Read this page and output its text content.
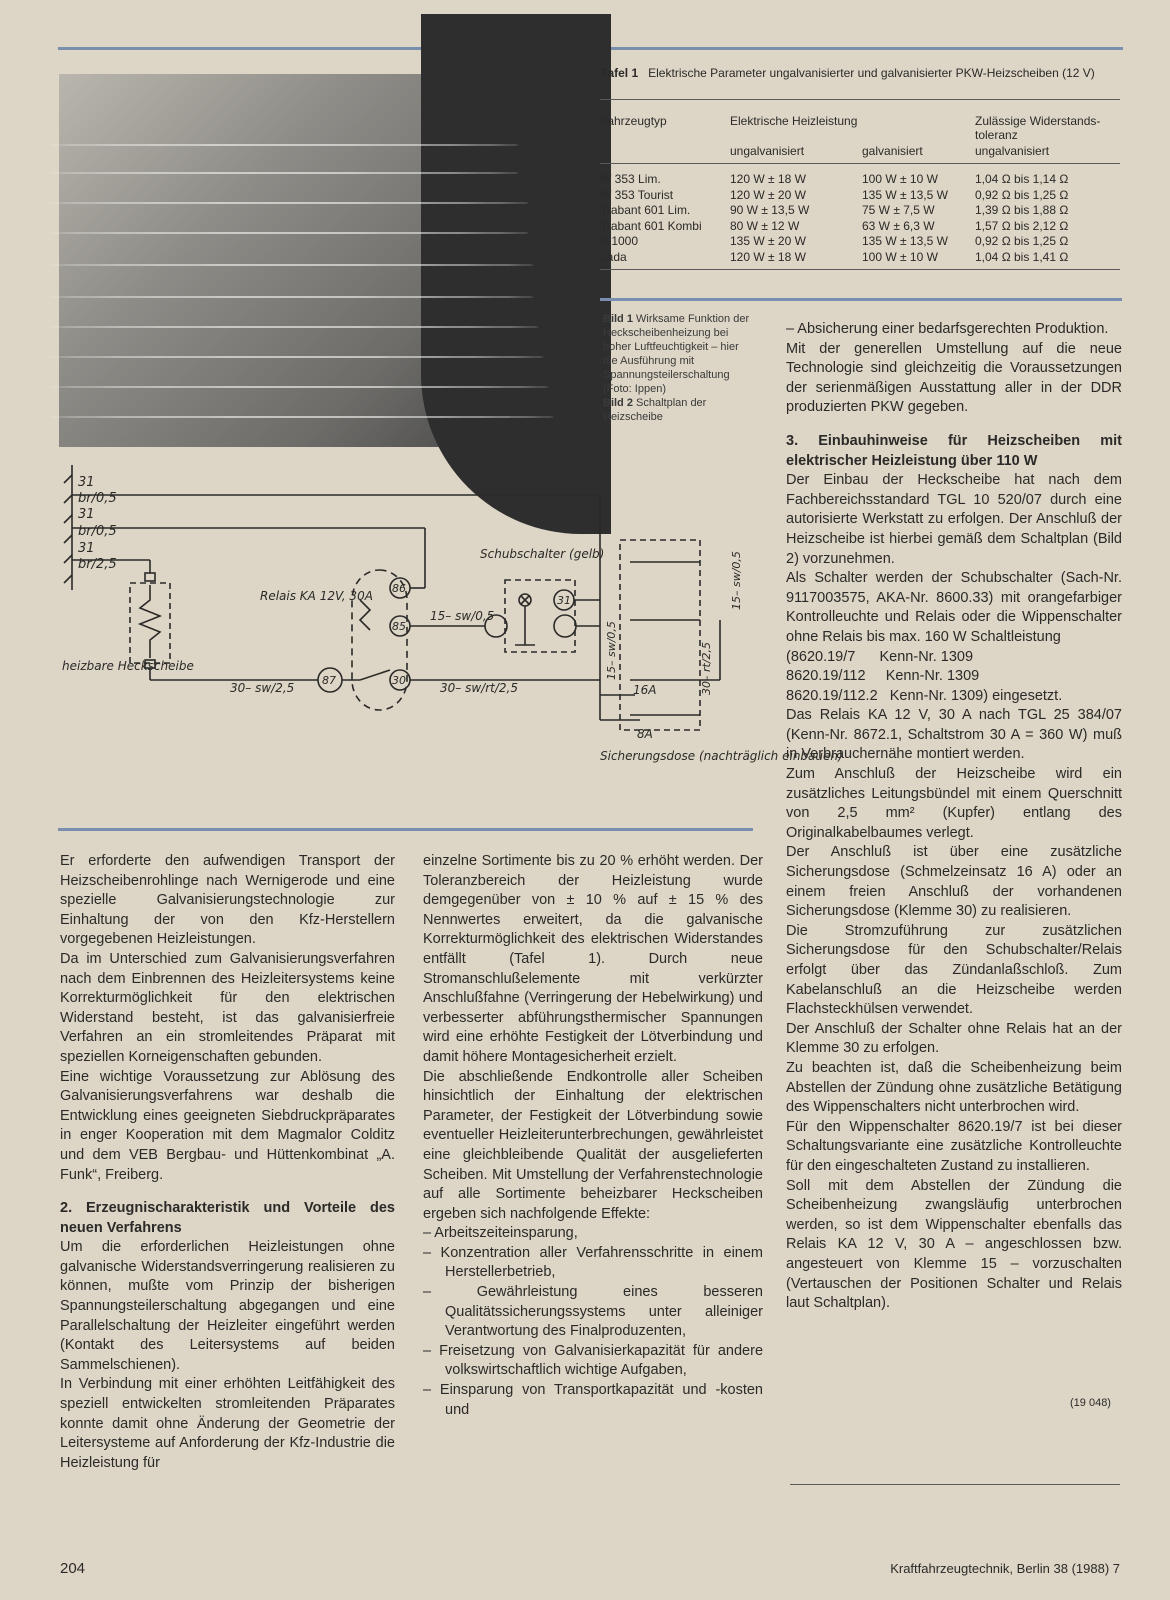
Tafel 1 Elektrische Parameter ungalvanisierter und galvanisierter PKW-Heizscheiben (12 V)
Fahrzeugtyp	Elektrische Heizleistung	Zulässige Widerstands-toleranz
ungalvanisiert	galvanisiert	ungalvanisiert
W 353 Lim.	120 W ± 18 W	100 W ± 10 W	1,04 Ω bis 1,14 Ω
W 353 Tourist	120 W ± 20 W	135 W ± 13,5 W 0,92 Ω bis 1,25 Ω
Trabant 601 Lim.	90 W ± 13,5 W	75 W ± 7,5 W	1,39 Ω bis 1,88 Ω
Trabant 601 Kombi 80 W ± 12 W	63 W ± 6,3 W	1,57 Ω bis 2,12 Ω
B 1000	135 W ± 20 W	135 W ± 13,5 W 0,92 Ω bis 1,25 Ω
Lada	120 W ± 18 W	100 W ± 10 W	1,04 Ω bis 1,41 Ω
Bild 1 Wirksame Funktion der Heckscheibenheizung bei hoher Luftfeuchtigkeit – hier die Ausführung mit Spannungsteilerschaltung (Foto: Ippen)
Bild 2 Schaltplan der Heizscheibe
31
br/0,5
31
br/0,5
31
br/2,5
heizbare Heckscheibe
Relais KA 12V, 30A
Schubschalter (gelb)
86
85
87	30
31
15– sw/0,5
30– sw/2,5	30– sw/rt/2,5
15– sw/0,5
15– sw/0,5	30– rt/2,5
16A
8A
Sicherungsdose (nachträglich einbauen)
– Absicherung einer bedarfsgerechten Produktion.

Mit der generellen Umstellung auf die neue Technologie sind gleichzeitig die Voraussetzungen der serienmäßigen Ausstattung aller in der DDR produzierten PKW gegeben.

3. Einbauhinweise für Heizscheiben mit elektrischer Heizleistung über 110 W

Der Einbau der Heckscheibe hat nach dem Fachbereichsstandard TGL 10 520/07 durch eine autorisierte Werkstatt zu erfolgen. Der Anschluß der Heizscheibe ist hierbei gemäß dem Schaltplan (Bild 2) vorzunehmen.

Als Schalter werden der Schubschalter (Sach-Nr. 9117003575, AKA-Nr. 8600.33) mit orangefarbiger Kontrolleuchte und Relais oder die Wippenschalter ohne Relais bis max. 160 W Schaltleistung

(8620.19/7      Kenn-Nr. 1309

8620.19/112     Kenn-Nr. 1309

8620.19/112.2   Kenn-Nr. 1309) eingesetzt.

Das Relais KA 12 V, 30 A nach TGL 25 384/07 (Kenn-Nr. 8672.1, Schaltstrom 30 A = 360 W) muß in Verbrauchernähe montiert werden.

Zum Anschluß der Heizscheibe wird ein zusätzliches Leitungsbündel mit einem Querschnitt von 2,5 mm² (Kupfer) entlang des Originalkabelbaumes verlegt.

Der Anschluß ist über eine zusätzliche Sicherungsdose (Schmelzeinsatz 16 A) oder an einem freien Anschluß der vorhandenen Sicherungsdose (Klemme 30) zu realisieren.

Die Stromzuführung zur zusätzlichen Sicherungsdose für den Schubschalter/Relais erfolgt über das Zündanlaßschloß. Zum Kabelanschluß an die Heizscheibe werden Flachsteckhülsen verwendet.

Der Anschluß der Schalter ohne Relais hat an der Klemme 30 zu erfolgen.

Zu beachten ist, daß die Scheibenheizung beim Abstellen der Zündung ohne zusätzliche Betätigung des Wippenschalters nicht unterbrochen wird.

Für den Wippenschalter 8620.19/7 ist bei dieser Schaltungsvariante eine zusätzliche Kontrolleuchte für den eingeschalteten Zustand zu installieren.

Soll mit dem Abstellen der Zündung die Scheibenheizung zwangsläufig unterbrochen werden, so ist dem Wippenschalter ebenfalls das Relais KA 12 V, 30 A – angeschlossen bzw. angesteuert von Klemme 15 – vorzuschalten (Vertauschen der Positionen Schalter und Relais laut Schaltplan).

(19 048)

Er erforderte den aufwendigen Transport der Heizscheibenrohlinge nach Wernigerode und eine spezielle Galvanisierungstechnologie zur Einhaltung der von den Kfz-Herstellern vorgegebenen Heizleistungen.

Da im Unterschied zum Galvanisierungsverfahren nach dem Einbrennen des Heizleitersystems keine Korrekturmöglichkeit für den elektrischen Widerstand besteht, ist das galvanisierfreie Verfahren an ein stromleitendes Präparat mit speziellen Korneigenschaften gebunden.

Eine wichtige Voraussetzung zur Ablösung des Galvanisierungsverfahrens war deshalb die Entwicklung eines geeigneten Siebdruckpräparates in enger Kooperation mit dem Magmalor Colditz und dem VEB Bergbau- und Hüttenkombinat „A. Funk“, Freiberg.

2. Erzeugnischarakteristik und Vorteile des neuen Verfahrens

Um die erforderlichen Heizleistungen ohne galvanische Widerstandsverringerung realisieren zu können, mußte vom Prinzip der bisherigen Spannungsteilerschaltung abgegangen und eine Parallelschaltung der Heizleiter eingeführt werden (Kontakt des Leitersystems auf beiden Sammelschienen).

In Verbindung mit einer erhöhten Leitfähigkeit des speziell entwickelten stromleitenden Präparates konnte damit ohne Änderung der Geometrie der Leitersysteme auf Anforderung der Kfz-Industrie die Heizleistung für

einzelne Sortimente bis zu 20 % erhöht werden. Der Toleranzbereich der Heizleistung wurde demgegenüber von ± 10 % auf ± 15 % des Nennwertes erweitert, da die galvanische Korrekturmöglichkeit des elektrischen Widerstandes entfällt (Tafel 1). Durch neue Stromanschlußelemente mit verkürzter Anschlußfahne (Verringerung der Hebelwirkung) und verbesserter abführungsthermischer Spannungen wird eine erhöhte Festigkeit der Lötverbindung und damit höhere Montagesicherheit erzielt.

Die abschließende Endkontrolle aller Scheiben hinsichtlich der Einhaltung der elektrischen Parameter, der Festigkeit der Lötverbindung sowie eventueller Heizleiterunterbrechungen, gewährleistet eine gleichbleibende Qualität der ausgelieferten Scheiben. Mit Umstellung der Verfahrenstechnologie auf alle Sortimente beheizbarer Heckscheiben ergeben sich nachfolgende Effekte:

– Arbeitszeiteinsparung,
– Konzentration aller Verfahrensschritte in einem Herstellerbetrieb,
– Gewährleistung eines besseren Qualitätssicherungssystems unter alleiniger Verantwortung des Finalproduzenten,
– Freisetzung von Galvanisierkapazität für andere volkswirtschaftlich wichtige Aufgaben,
– Einsparung von Transportkapazität und -kosten und
204	Kraftfahrzeugtechnik, Berlin 38 (1988) 7
